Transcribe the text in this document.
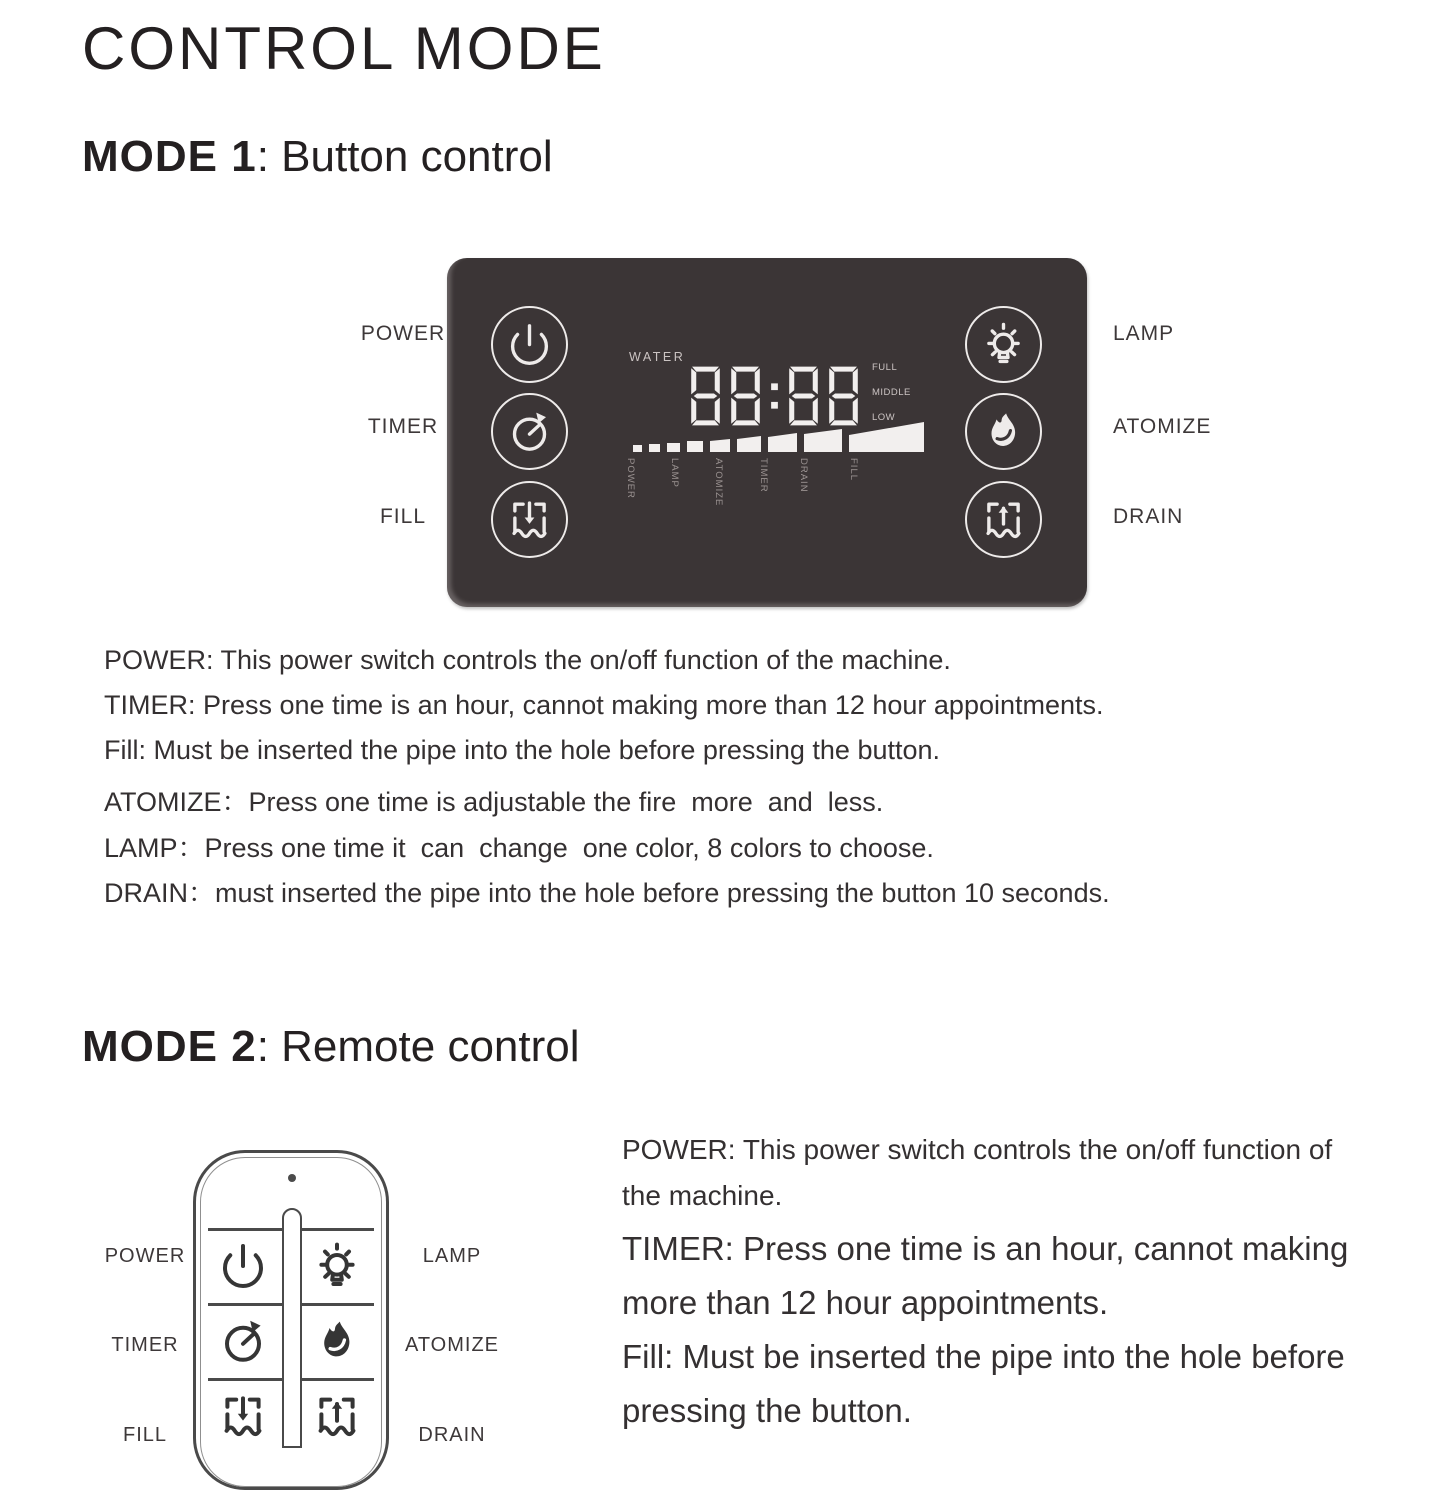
CONTROL MODE
MODE 1: Button control
POWER
TIMER
FILL
LAMP
ATOMIZE
DRAIN
WATER
FULL
MIDDLE
LOW
POWER	LAMP	ATOMIZE	TIMER	DRAIN	FILL

POWER: This power switch controls the on/off function of the machine.

TIMER: Press one time is an hour, cannot making more than 12 hour appointments.

Fill: Must be inserted the pipe into the hole before pressing the button.

ATOMIZE：Press one time is adjustable the fire  more  and  less.

LAMP：Press one time it  can  change  one color, 8 colors to choose.

DRAIN：must inserted the pipe into the hole before pressing the button 10 seconds.

MODE 2: Remote control
POWER
TIMER
FILL
LAMP
ATOMIZE
DRAIN

POWER: This power switch controls the on/off function of

the machine.

TIMER: Press one time is an hour, cannot making

more than 12 hour appointments.

Fill: Must be inserted the pipe into the hole before

pressing the button.
